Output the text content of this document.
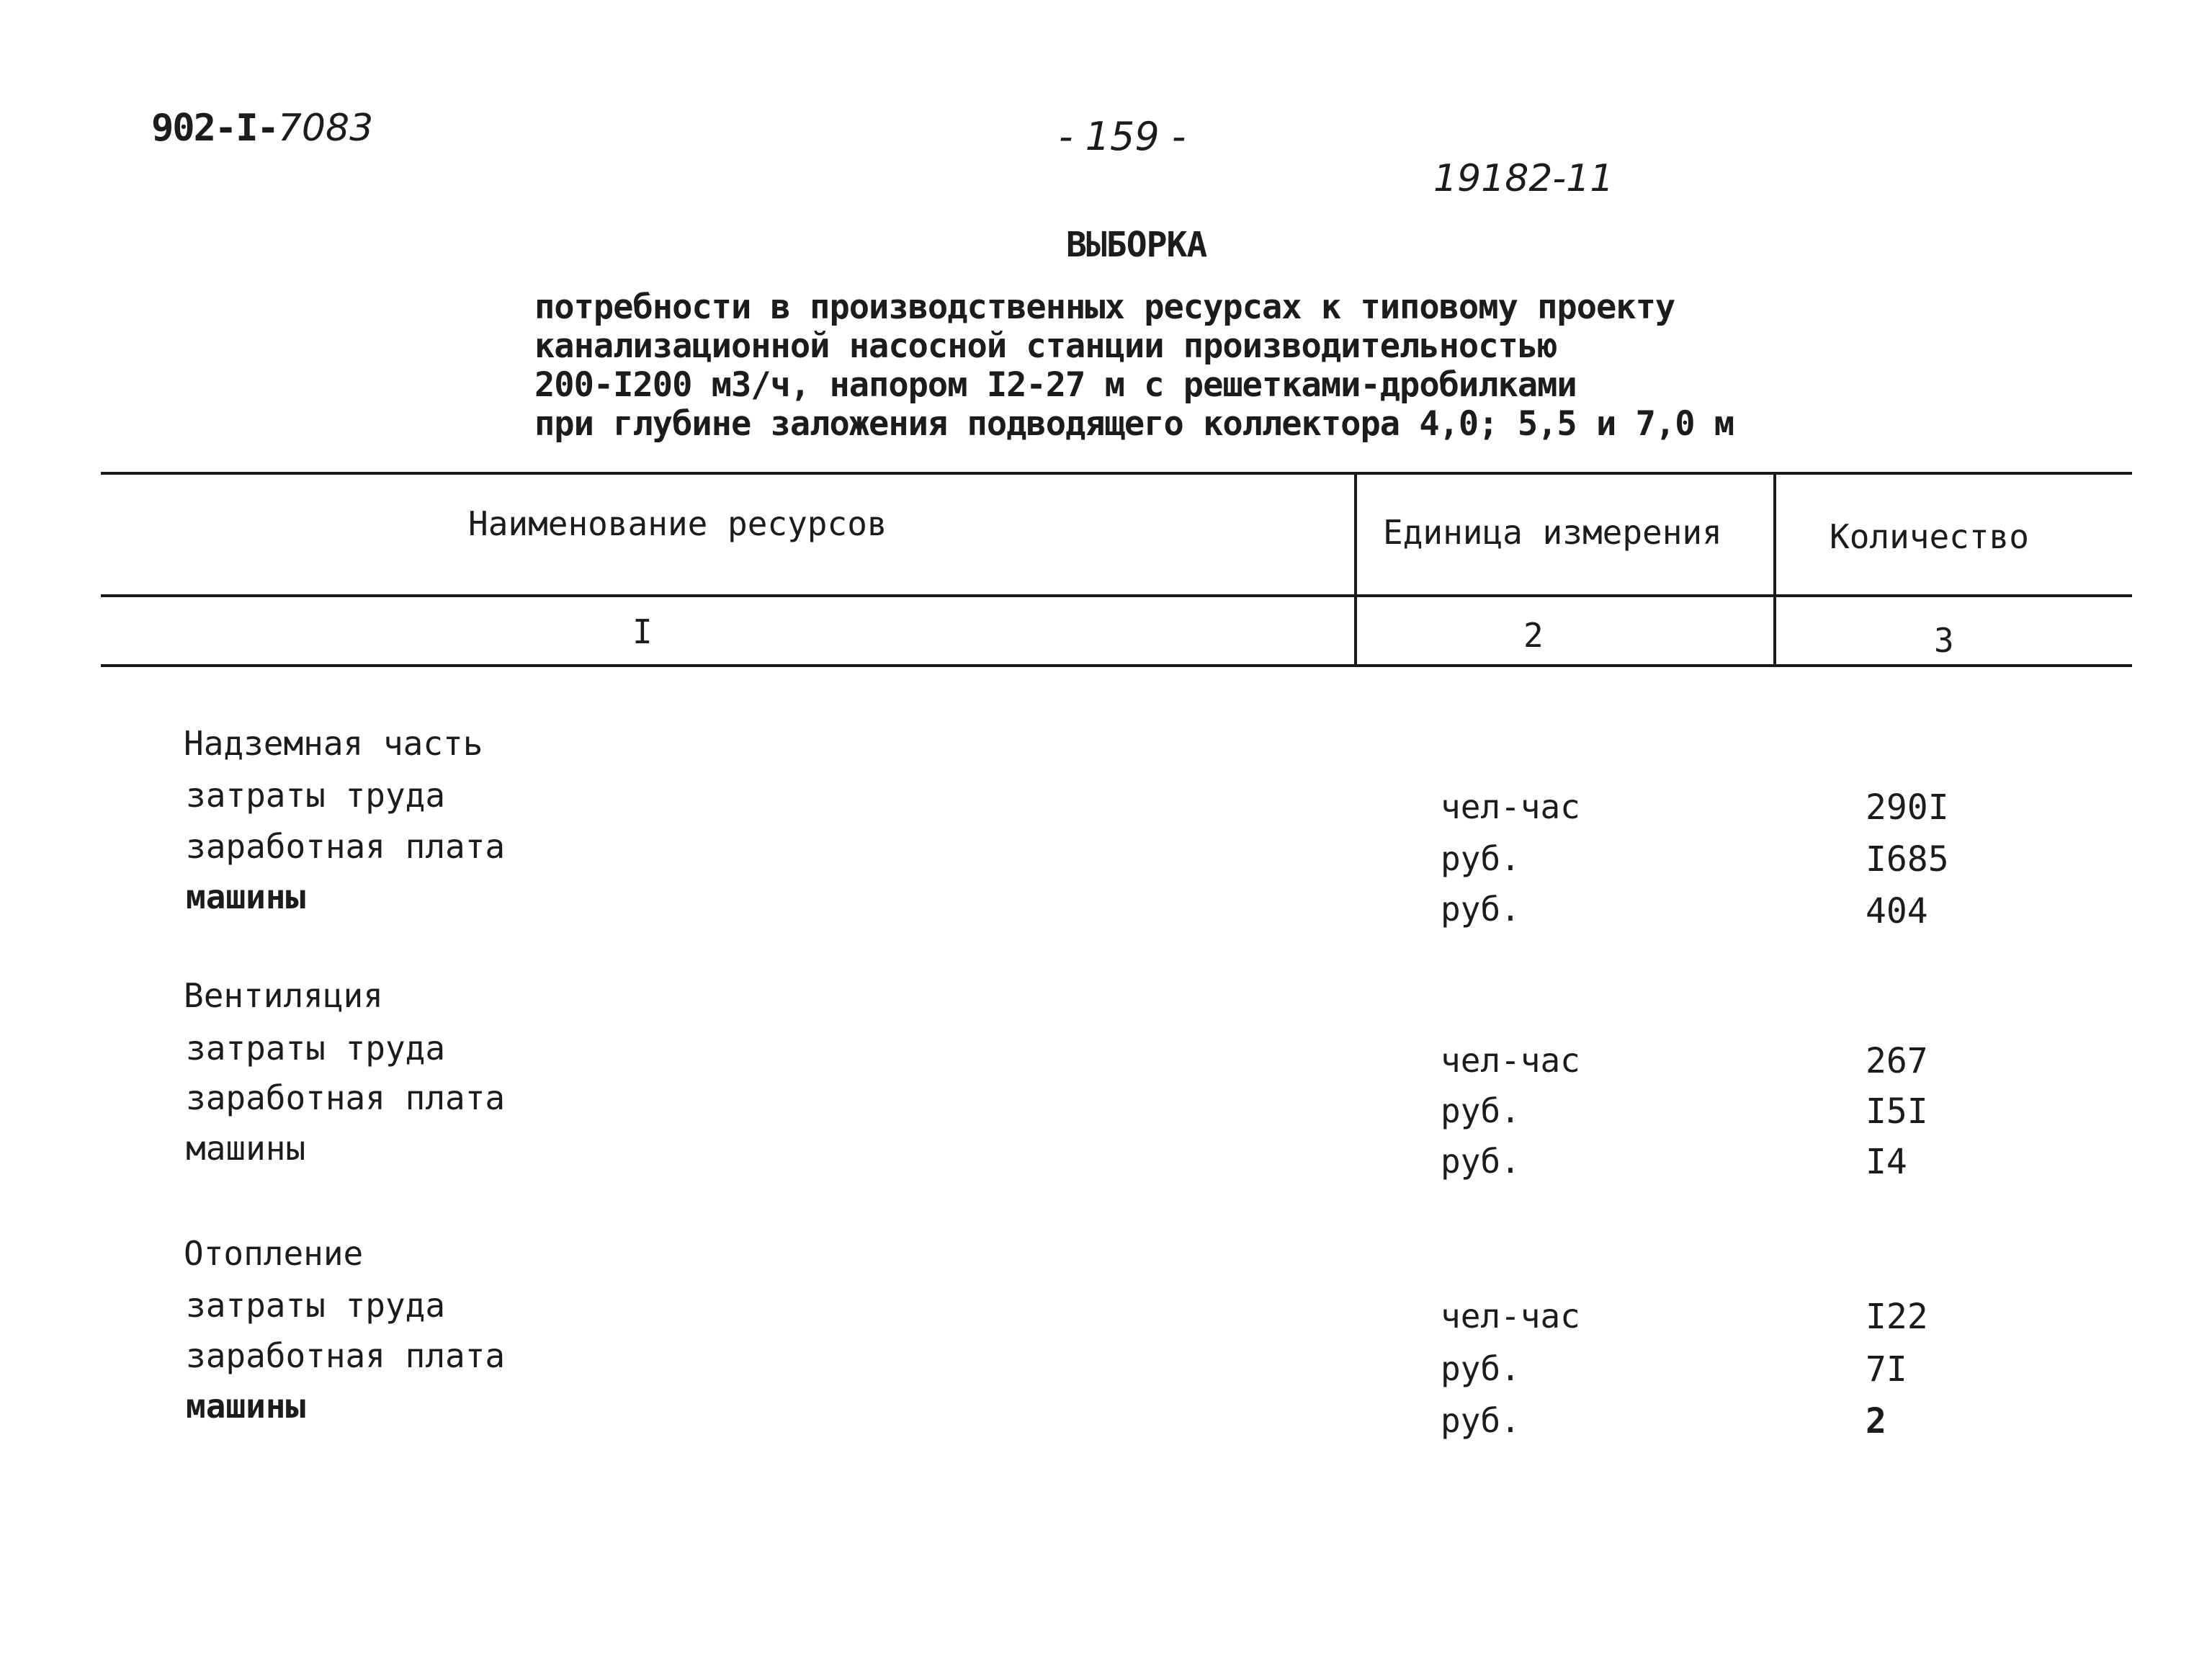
902-I-7083	- 159 -
19182-11
ВЫБОРКА
потребности в производственных ресурсах к типовому проекту
канализационной насосной станции производительностью
200-I200 м3/ч, напором I2-27 м с решетками-дробилками
при глубине заложения подводящего коллектора 4,0; 5,5 и 7,0 м
Наименование ресурсов	Единица измерения	Количество
I	2	3
Надземная часть
затраты труда	чел-час	290I
заработная плата	руб.	I685
машины	руб.	404
Вентиляция
затраты труда	чел-час	267
заработная плата	руб.	I5I
машины	руб.	I4
Отопление
затраты труда	чел-час	I22
заработная плата	руб.	7I
машины	руб.	2
